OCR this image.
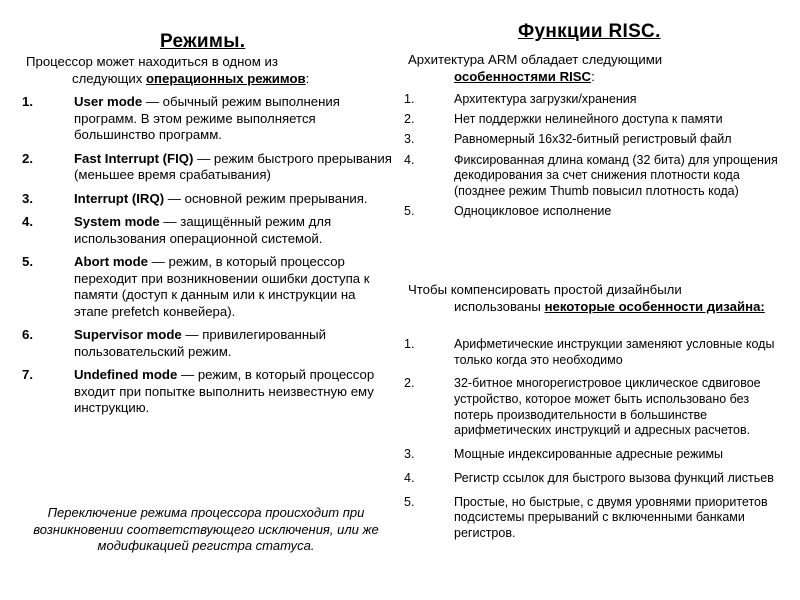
Режимы.
Процессор может находиться в одном из
следующих операционных режимов:
1.	User mode — обычный режим выполнения программ. В этом режиме выполняется большинство программ.
2.	Fast Interrupt (FIQ) — режим быстрого прерывания (меньшее время срабатывания)
3.	Interrupt (IRQ) — основной режим прерывания.
4.	System mode — защищённый режим для использования операционной системой.
5.	Abort mode — режим, в который процессор переходит при возникновении ошибки доступа к памяти (доступ к данным или к инструкции на этапе prefetch конвейера).
6.	Supervisor mode — привилегированный пользовательский режим.
7.	Undefined mode — режим, в который процессор входит при попытке выполнить неизвестную ему инструкцию.

Переключение режима процессора происходит при возникновении соответствующего исключения, или же модификацией регистра статуса.

Функции RISC.
Архитектура ARM обладает следующими
особенностями RISC:
1.	Архитектура загрузки/хранения
2.	Нет поддержки нелинейного доступа к памяти
3.	Равномерный 16x32-битный регистровый файл
4.	Фиксированная длина команд (32 бита) для упрощения декодирования за счет снижения плотности кода (позднее режим Thumb повысил плотность кода)
5.	Одноцикловое исполнение
Чтобы компенсировать простой дизайнбыли
использованы некоторые особенности дизайна:
1.	Арифметические инструкции заменяют условные коды только когда это необходимо
2.	32-битное многорегистровое циклическое сдвиговое устройство, которое может быть использовано без потерь производительности в большинстве арифметических инструкций и адресных расчетов.
3.	Мощные индексированные адресные режимы
4.	Регистр ссылок для быстрого вызова функций листьев
5.	Простые, но быстрые, с двумя уровнями приоритетов подсистемы прерываний с включенными банками регистров.
